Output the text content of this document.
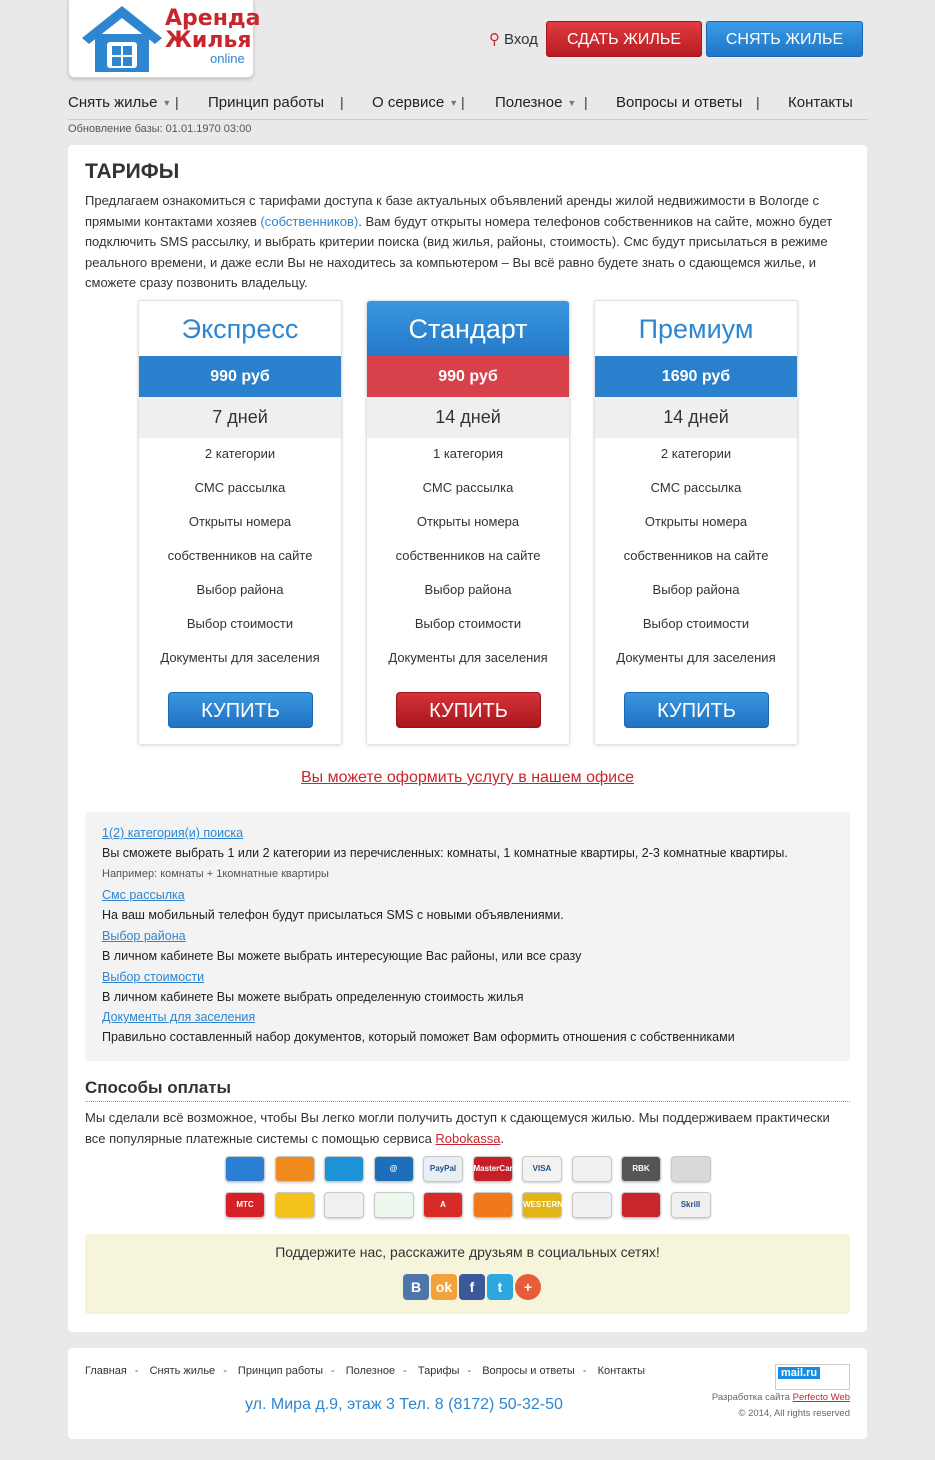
Аренда
Жилья
online
⚲ Вход	СДАТЬ ЖИЛЬЕ	СНЯТЬ ЖИЛЬЕ
Снять жилье ▼ | Принцип работы | О сервисе ▼ | Полезное ▼ | Вопросы и ответы | Контакты
Обновление базы: 01.01.1970 03:00
ТАРИФЫ
Предлагаем ознакомиться с тарифами доступа к базе актуальных объявлений аренды жилой недвижимости в Вологде с прямыми контактами хозяев (собственников). Вам будут открыты номера телефонов собственников на сайте, можно будет подключить SMS рассылку, и выбрать критерии поиска (вид жилья, районы, стоимость). Смс будут присылаться в режиме реального времени, и даже если Вы не находитесь за компьютером – Вы всё равно будете знать о сдающемся жилье, и сможете сразу позвонить владельцу.
Экспресс
990 руб
7 дней
2 категории
СМС рассылка
Открыты номера
собственников на сайте
Выбор района
Выбор стоимости
Документы для заселения
КУПИТЬ
Стандарт
990 руб
14 дней
1 категория
СМС рассылка
Открыты номера
собственников на сайте
Выбор района
Выбор стоимости
Документы для заселения
КУПИТЬ
Премиум
1690 руб
14 дней
2 категории
СМС рассылка
Открыты номера
собственников на сайте
Выбор района
Выбор стоимости
Документы для заселения
КУПИТЬ
Вы можете оформить услугу в нашем офисе
1(2) категория(и) поиска
Вы сможете выбрать 1 или 2 категории из перечисленных: комнаты, 1 комнатные квартиры, 2-3 комнатные квартиры.
Например: комнаты + 1комнатные квартиры
Смс рассылка
На ваш мобильный телефон будут присылаться SMS с новыми объявлениями.
Выбор района
В личном кабинете Вы можете выбрать интересующие Вас районы, или все сразу
Выбор стоимости
В личном кабинете Вы можете выбрать определенную стоимость жилья
Документы для заселения
Правильно составленный набор документов, который поможет Вам оформить отношения с собственниками
Способы оплаты
Мы сделали всё возможное, чтобы Вы легко могли получить доступ к сдающемуся жилью. Мы поддерживаем практически все популярные платежные системы с помощью сервиса Robokassa.
@	PayPal	MasterCard	VISA	RBK
МТС	A	WESTERN UNION
Skrill
Поддержите нас, расскажите друзьям в социальных сетях!
B	ok	f	t	+
Главная - Снять жилье - Принцип работы - Полезное - Тарифы - Вопросы и ответы - Контакты
ул. Мира д.9, этаж 3 Тел. 8 (8172) 50-32-50
mail.ru
Разработка сайта Perfecto Web
© 2014, All rights reserved
